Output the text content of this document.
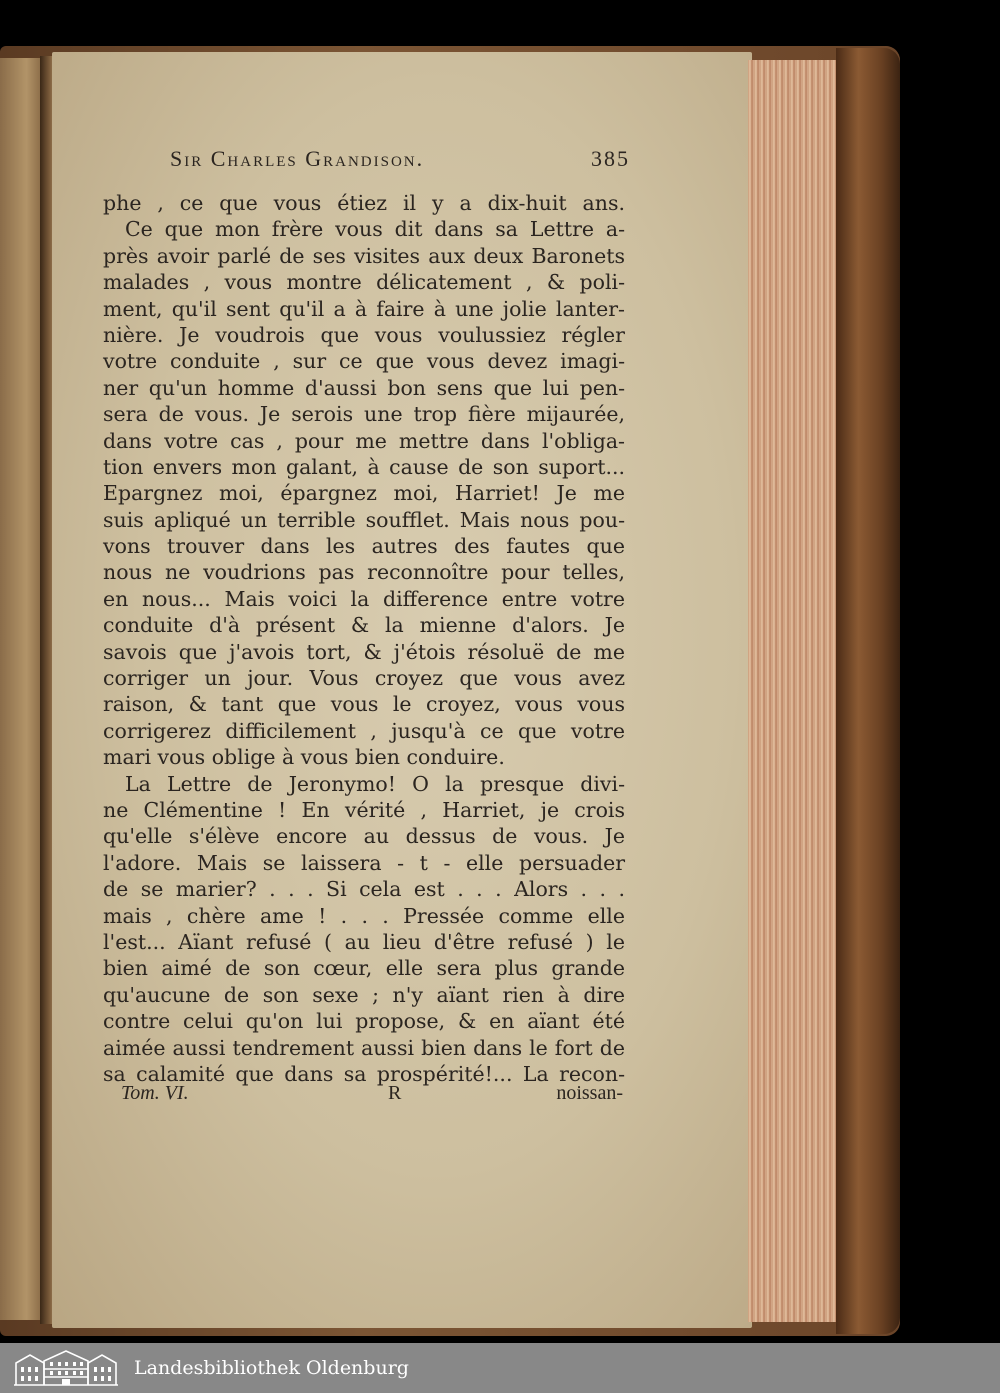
Sir Charles Grandison.	385
phe , ce que vous étiez il y a dix-huit ans.
Ce que mon frère vous dit dans sa Lettre a-
près avoir parlé de ses visites aux deux Baronets
malades , vous montre délicatement , & poli-
ment, qu'il sent qu'il a à faire à une jolie lanter-
nière. Je voudrois que vous voulussiez régler
votre conduite , sur ce que vous devez imagi-
ner qu'un homme d'aussi bon sens que lui pen-
sera de vous. Je serois une trop fière mijaurée,
dans votre cas , pour me mettre dans l'obliga-
tion envers mon galant, à cause de son suport...
Epargnez moi, épargnez moi, Harriet! Je me
suis apliqué un terrible soufflet. Mais nous pou-
vons trouver dans les autres des fautes que
nous ne voudrions pas reconnoître pour telles,
en nous... Mais voici la difference entre votre
conduite d'à présent & la mienne d'alors. Je
savois que j'avois tort, & j'étois résoluë de me
corriger un jour. Vous croyez que vous avez
raison, & tant que vous le croyez, vous vous
corrigerez difficilement , jusqu'à ce que votre
mari vous oblige à vous bien conduire.
La Lettre de Jeronymo! O la presque divi-
ne Clémentine ! En vérité , Harriet, je crois
qu'elle s'élève encore au dessus de vous. Je
l'adore. Mais se laissera - t - elle persuader
de se marier? . . . Si cela est . . . Alors . . .
mais , chère ame ! . . . Pressée comme elle
l'est... Aïant refusé ( au lieu d'être refusé ) le
bien aimé de son cœur, elle sera plus grande
qu'aucune de son sexe ; n'y aïant rien à dire
contre celui qu'on lui propose, & en aïant été
aimée aussi tendrement aussi bien dans le fort de
sa calamité que dans sa prospérité!... La recon-
Tom. VI.	R	noissan-
Landesbibliothek Oldenburg
